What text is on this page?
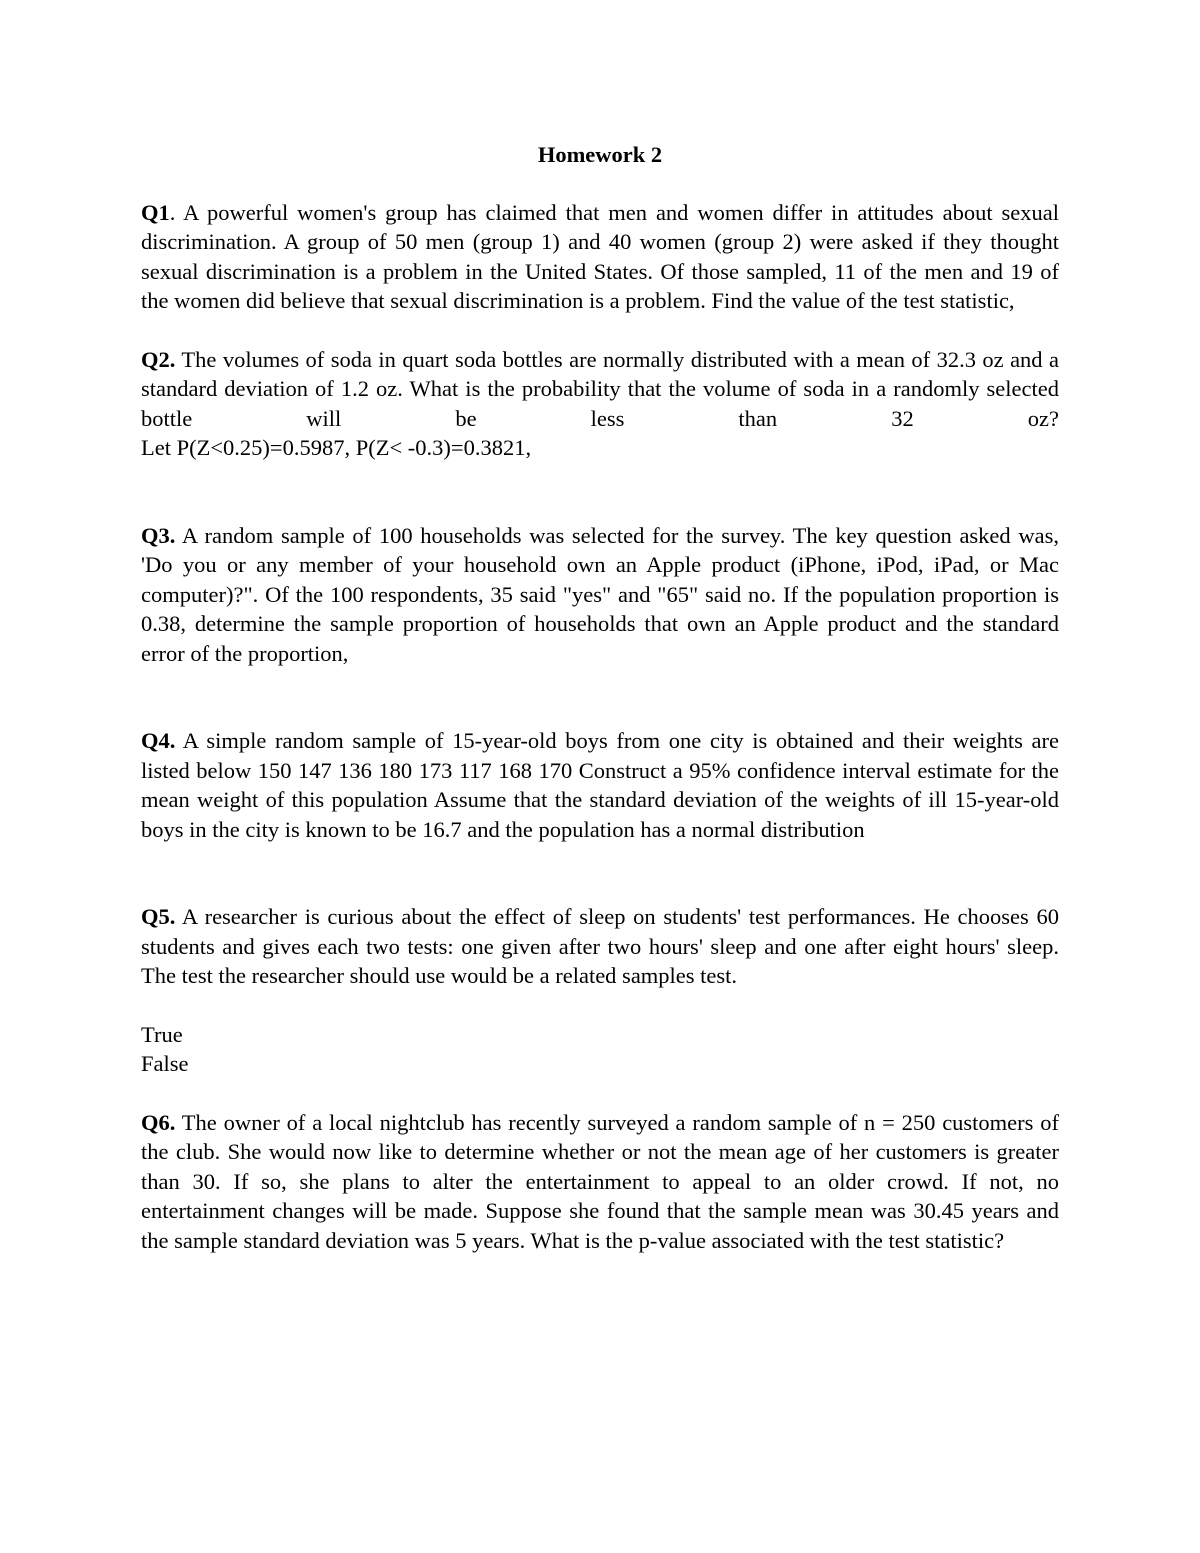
Homework 2

Q1. A powerful women's group has claimed that men and women differ in attitudes about sexual discrimination. A group of 50 men (group 1) and 40 women (group 2) were asked if they thought sexual discrimination is a problem in the United States. Of those sampled, 11 of the men and 19 of the women did believe that sexual discrimination is a problem. Find the value of the test statistic,

Q2. The volumes of soda in quart soda bottles are normally distributed with a mean of 32.3 oz and a standard deviation of 1.2 oz. What is the probability that the volume of soda in a randomly selected bottle will be less than 32 oz?
Let P(Z<0.25)=0.5987, P(Z< -0.3)=0.3821,

Q3. A random sample of 100 households was selected for the survey. The key question asked was, 'Do you or any member of your household own an Apple product (iPhone, iPod, iPad, or Mac computer)?". Of the 100 respondents, 35 said "yes" and "65" said no. If the population proportion is 0.38, determine the sample proportion of households that own an Apple product and the standard error of the proportion,

Q4. A simple random sample of 15-year-old boys from one city is obtained and their weights are listed below 150 147 136 180 173 117 168 170 Construct a 95% confidence interval estimate for the mean weight of this population Assume that the standard deviation of the weights of ill 15-year-old boys in the city is known to be 16.7 and the population has a normal distribution

Q5. A researcher is curious about the effect of sleep on students' test performances. He chooses 60 students and gives each two tests: one given after two hours' sleep and one after eight hours' sleep. The test the researcher should use would be a related samples test.

True
False

Q6. The owner of a local nightclub has recently surveyed a random sample of n = 250 customers of the club. She would now like to determine whether or not the mean age of her customers is greater than 30. If so, she plans to alter the entertainment to appeal to an older crowd. If not, no entertainment changes will be made. Suppose she found that the sample mean was 30.45 years and the sample standard deviation was 5 years. What is the p-value associated with the test statistic?
